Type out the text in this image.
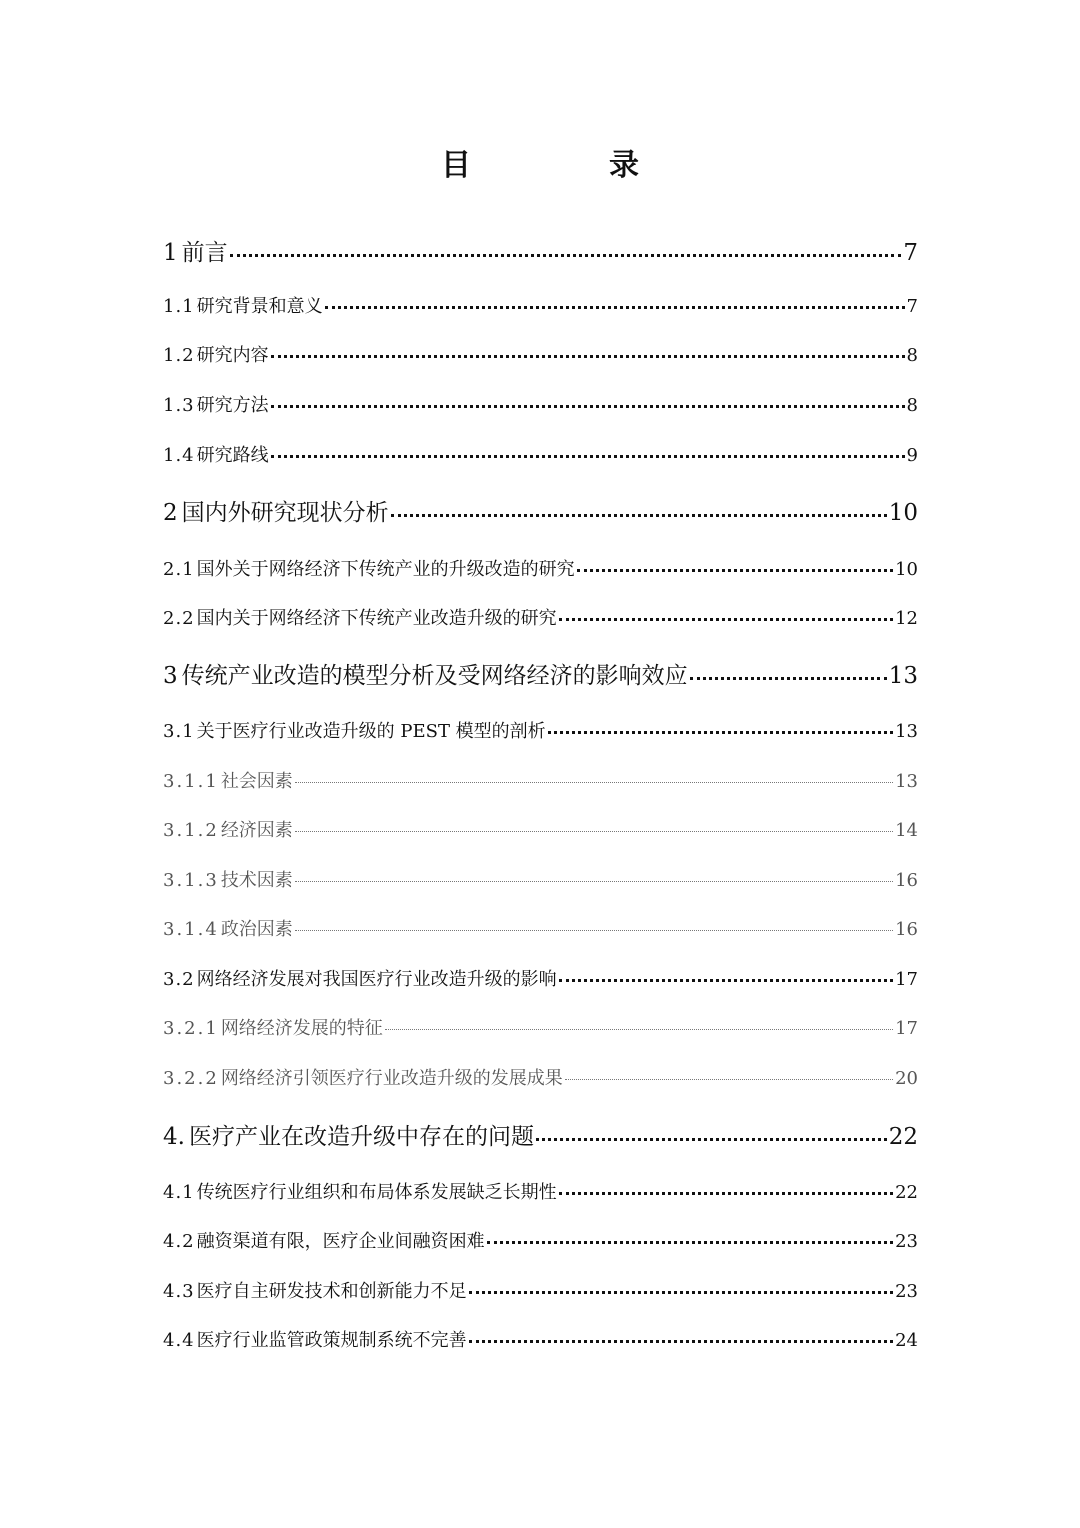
目　录
1 前言	7
1.1 研究背景和意义	7
1.2 研究内容	8
1.3 研究方法	8
1.4 研究路线	9
2 国内外研究现状分析	10
2.1 国外关于网络经济下传统产业的升级改造的研究	10
2.2 国内关于网络经济下传统产业改造升级的研究	12
3 传统产业改造的模型分析及受网络经济的影响效应	13
3.1 关于医疗行业改造升级的 PEST 模型的剖析	13
3.1.1 社会因素	13
3.1.2 经济因素	14
3.1.3 技术因素	16
3.1.4 政治因素	16
3.2 网络经济发展对我国医疗行业改造升级的影响	17
3.2.1 网络经济发展的特征	17
3.2.2 网络经济引领医疗行业改造升级的发展成果	20
4. 医疗产业在改造升级中存在的问题	22
4.1 传统医疗行业组织和布局体系发展缺乏长期性	22
4.2 融资渠道有限，医疗企业间融资困难	23
4.3 医疗自主研发技术和创新能力不足	23
4.4 医疗行业监管政策规制系统不完善	24
